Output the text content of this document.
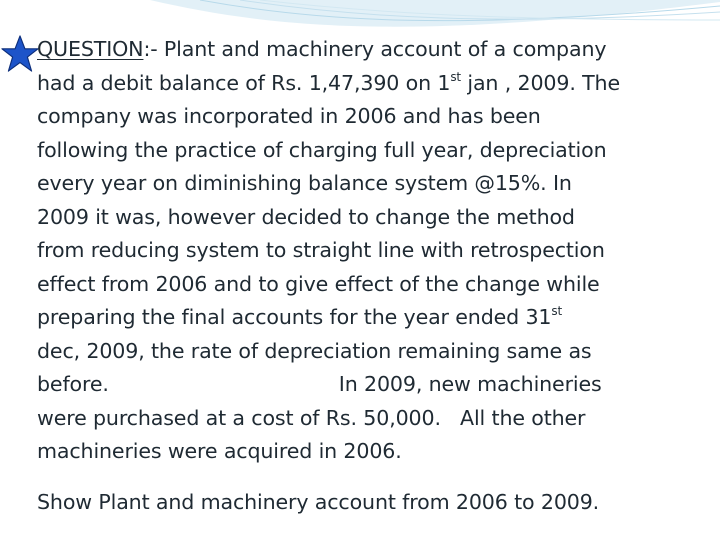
QUESTION:- Plant and machinery account of a company
had a debit balance of Rs. 1,47,390 on 1st jan , 2009. The
company was incorporated in 2006 and has been
following the practice of charging full year, depreciation
every year on diminishing balance system @15%. In
2009 it was, however decided to change the method
from reducing system to straight line with retrospection
effect from 2006 and to give effect of the change while
preparing the final accounts for the year ended 31st
dec, 2009, the rate of depreciation remaining same as
before.	In 2009, new machineries
were purchased at a cost of Rs. 50,000.   All the other
machineries were acquired in 2006.
Show Plant and machinery account from 2006 to 2009.
